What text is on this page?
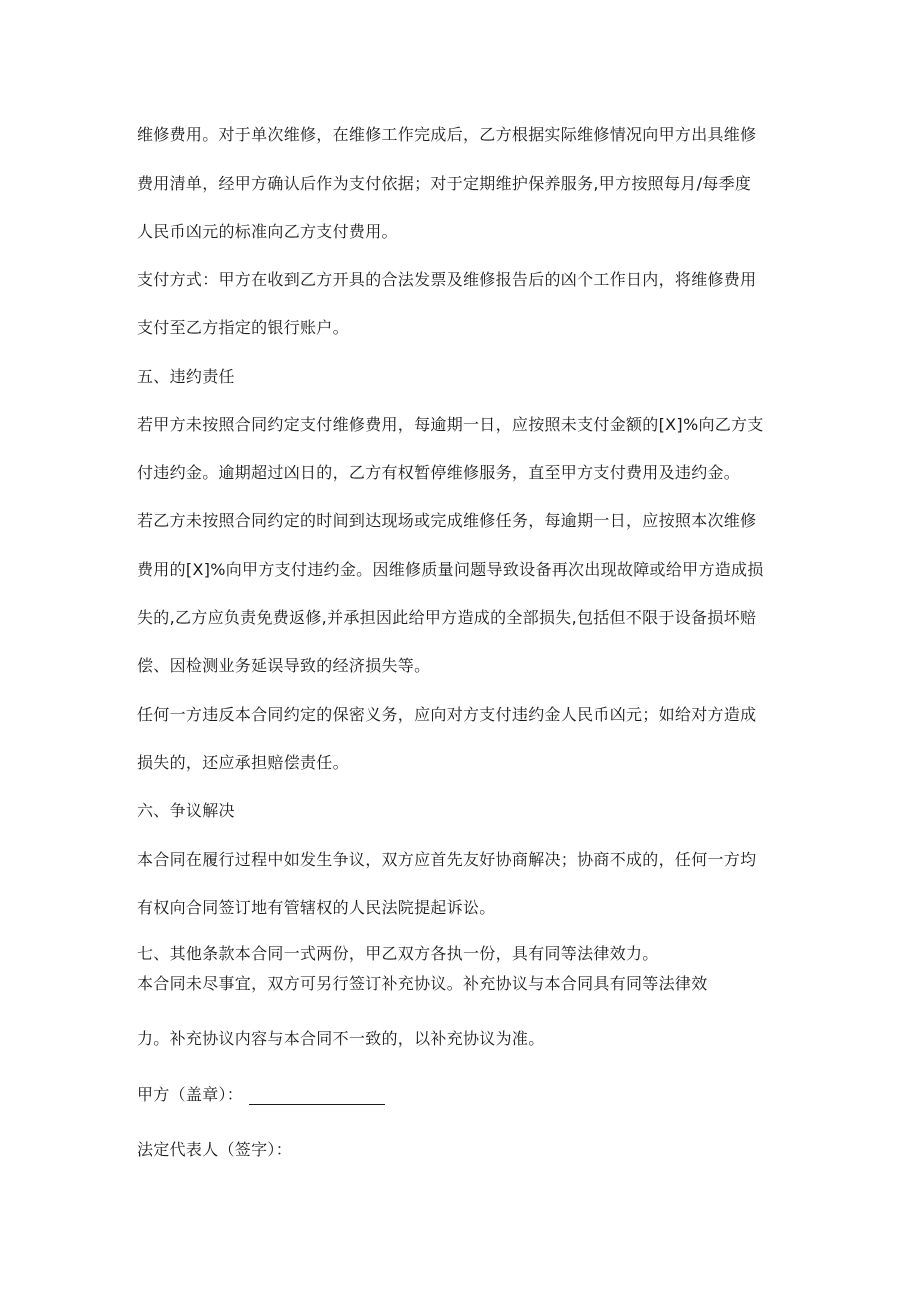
维修费用。对于单次维修，在维修工作完成后，乙方根据实际维修情况向甲方出具维修
费用清单，经甲方确认后作为支付依据；对于定期维护保养服务,甲方按照每月/每季度
人民币凶元的标准向乙方支付费用。
支付方式：甲方在收到乙方开具的合法发票及维修报告后的凶个工作日内，将维修费用
支付至乙方指定的银行账户。
五、违约责任
若甲方未按照合同约定支付维修费用，每逾期一日，应按照未支付金额的[X]%向乙方支
付违约金。逾期超过凶日的，乙方有权暂停维修服务，直至甲方支付费用及违约金。
若乙方未按照合同约定的时间到达现场或完成维修任务，每逾期一日，应按照本次维修
费用的[X]%向甲方支付违约金。因维修质量问题导致设备再次出现故障或给甲方造成损
失的,乙方应负责免费返修,并承担因此给甲方造成的全部损失,包括但不限于设备损坏赔
偿、因检测业务延误导致的经济损失等。
任何一方违反本合同约定的保密义务，应向对方支付违约金人民币凶元；如给对方造成
损失的，还应承担赔偿责任。
六、争议解决
本合同在履行过程中如发生争议，双方应首先友好协商解决；协商不成的，任何一方均
有权向合同签订地有管辖权的人民法院提起诉讼。
七、其他条款本合同一式两份，甲乙双方各执一份，具有同等法律效力。
本合同未尽事宜，双方可另行签订补充协议。补充协议与本合同具有同等法律效
力。补充协议内容与本合同不一致的，以补充协议为准。
甲方（盖章）：
法定代表人（签字）：
